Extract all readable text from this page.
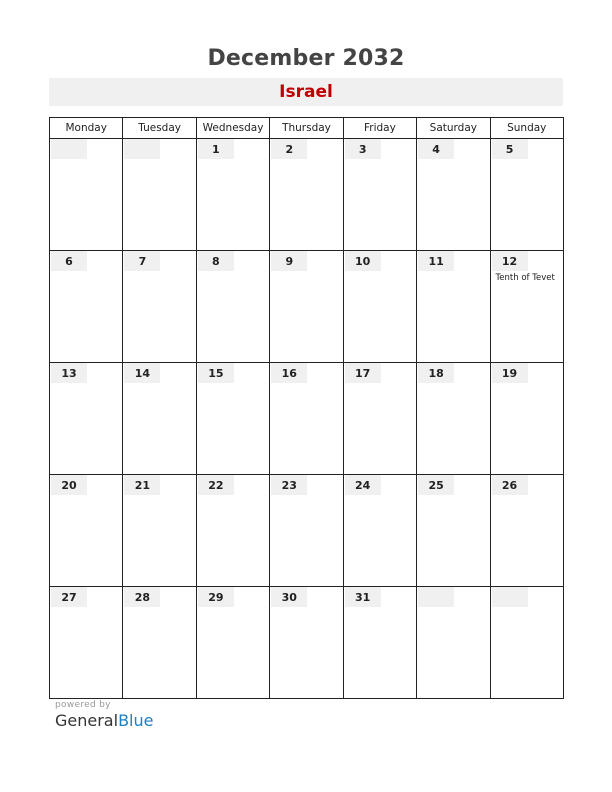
December 2032
Israel
Monday	Tuesday	Wednesday	Thursday	Friday	Saturday	Sunday

		1	2	3	4	5

6	7	8	9	10	11	12
Tenth of Tevet

13	14	15	16	17	18	19

20	21	22	23	24	25	26

27	28	29	30	31		

powered by
GeneralBlue
